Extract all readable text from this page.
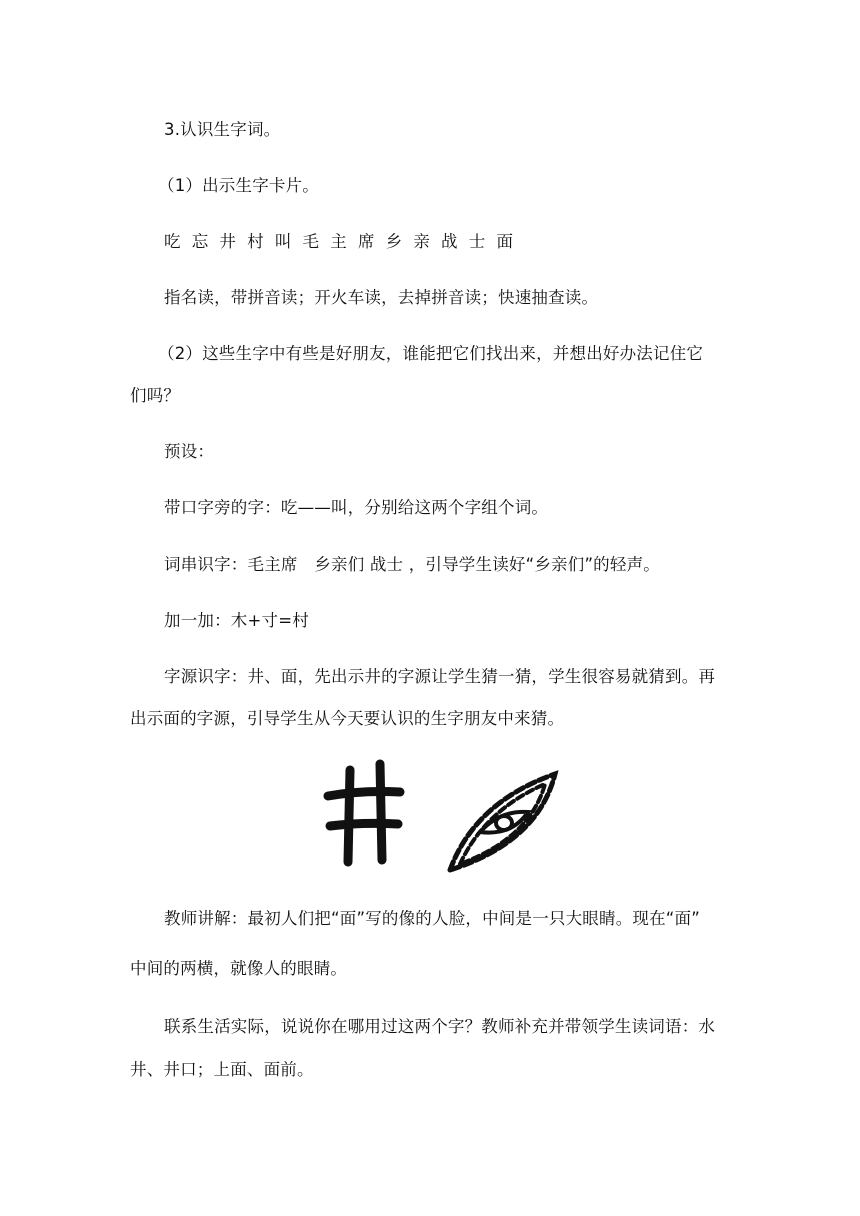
3.认识生字词。
（1）出示生字卡片。
吃 忘 井 村 叫 毛 主 席 乡 亲 战 士 面
指名读，带拼音读；开火车读，去掉拼音读；快速抽查读。
（2）这些生字中有些是好朋友，谁能把它们找出来，并想出好办法记住它
们吗？
预设：
带口字旁的字：吃——叫，分别给这两个字组个词。
词串识字：毛主席　乡亲们 战士 ，引导学生读好“乡亲们”的轻声。
加一加：木+寸=村
字源识字：井、面，先出示井的字源让学生猜一猜，学生很容易就猜到。再
出示面的字源，引导学生从今天要认识的生字朋友中来猜。
教师讲解：最初人们把“面”写的像的人脸，中间是一只大眼睛。现在“面”
中间的两横，就像人的眼睛。
联系生活实际，说说你在哪用过这两个字？教师补充并带领学生读词语：水
井、井口；上面、面前。
